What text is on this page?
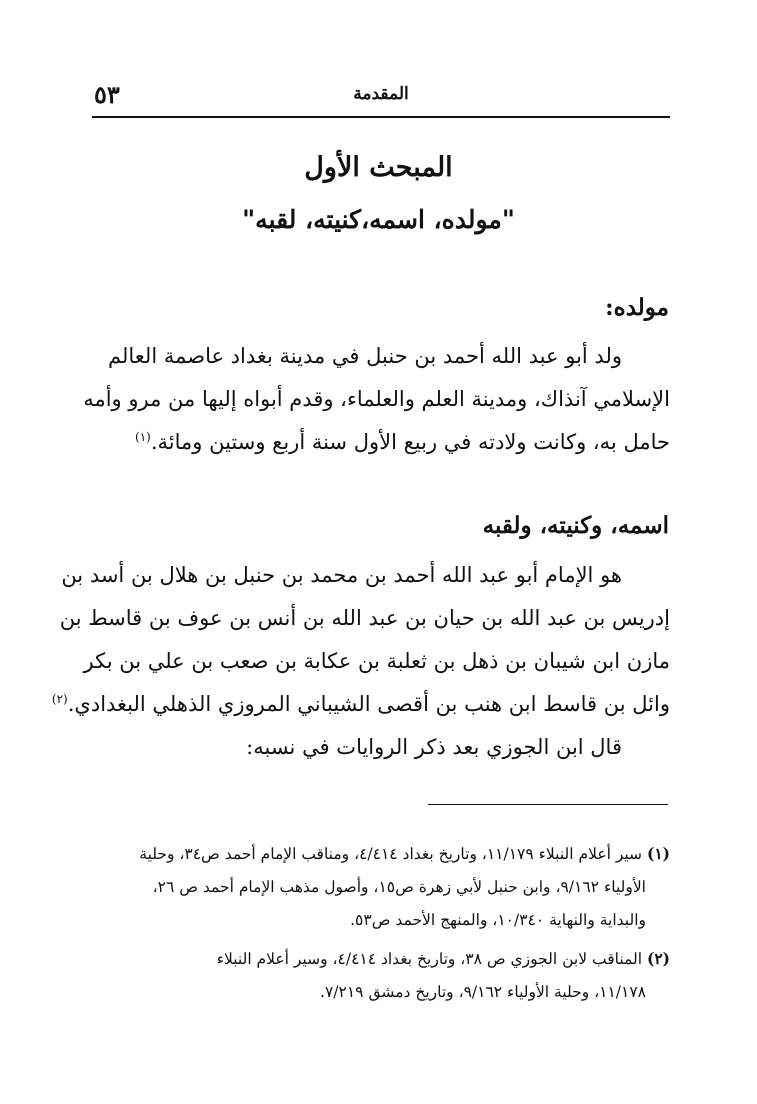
المقدمة
٥٣
المبحث الأول
"مولده، اسمه،كنيته، لقبه"
مولده:
ولد أبو عبد الله أحمد بن حنبل في مدينة بغداد عاصمة العالم
الإسلامي آنذاك، ومدينة العلم والعلماء، وقدم أبواه إليها من مرو وأمه
حامل به، وكانت ولادته في ربيع الأول سنة أربع وستين ومائة.$^{(١)}$
اسمه، وكنيته، ولقبه
هو الإمام أبو عبد الله أحمد بن محمد بن حنبل بن هلال بن أسد بن
إدريس بن عبد الله بن حيان بن عبد الله بن أنس بن عوف بن قاسط بن
مازن ابن شيبان بن ذهل بن ثعلبة بن عكابة بن صعب بن علي بن بكر
وائل بن قاسط ابن هنب بن أقصى الشيباني المروزي الذهلي البغدادي.$^{(٢)}$
قال ابن الجوزي بعد ذكر الروايات في نسبه:
(١) سير أعلام النبلاء ١١/١٧٩، وتاريخ بغداد ٤/٤١٤، ومناقب الإمام أحمد ص٣٤، وحلية
الأولياء ٩/١٦٢، وابن حنبل لأبي زهرة ص١٥، وأصول مذهب الإمام أحمد ص ٢٦،
والبداية والنهاية ١٠/٣٤٠، والمنهج الأحمد ص٥٣.
(٢) المناقب لابن الجوزي ص ٣٨، وتاريخ بغداد ٤/٤١٤، وسير أعلام النبلاء
١١/١٧٨، وحلية الأولياء ٩/١٦٢، وتاريخ دمشق ٧/٢١٩.
